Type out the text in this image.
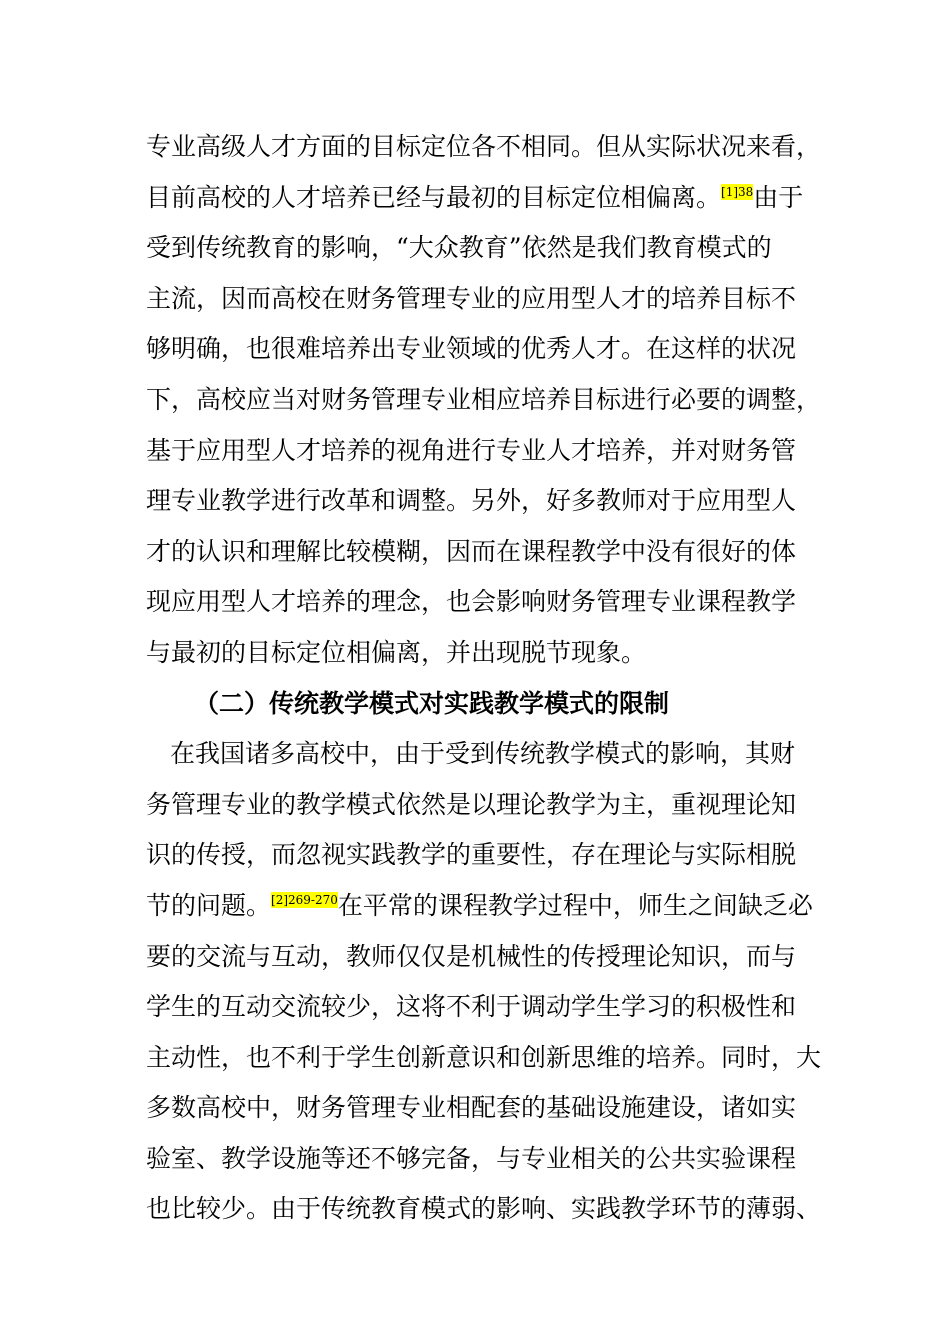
专业高级人才方面的目标定位各不相同。但从实际状况来看，
目前高校的人才培养已经与最初的目标定位相偏离。$^{[1]38}$由于
受到传统教育的影响，“大众教育”依然是我们教育模式的
主流，因而高校在财务管理专业的应用型人才的培养目标不
够明确，也很难培养出专业领域的优秀人才。在这样的状况
下，高校应当对财务管理专业相应培养目标进行必要的调整，
基于应用型人才培养的视角进行专业人才培养，并对财务管
理专业教学进行改革和调整。另外，好多教师对于应用型人
才的认识和理解比较模糊，因而在课程教学中没有很好的体
现应用型人才培养的理念，也会影响财务管理专业课程教学
与最初的目标定位相偏离，并出现脱节现象。
（二）传统教学模式对实践教学模式的限制
在我国诸多高校中，由于受到传统教学模式的影响，其财
务管理专业的教学模式依然是以理论教学为主，重视理论知
识的传授，而忽视实践教学的重要性，存在理论与实际相脱
节的问题。$^{[2]269-270}$在平常的课程教学过程中，师生之间缺乏必
要的交流与互动，教师仅仅是机械性的传授理论知识，而与
学生的互动交流较少，这将不利于调动学生学习的积极性和
主动性，也不利于学生创新意识和创新思维的培养。同时，大
多数高校中，财务管理专业相配套的基础设施建设，诸如实
验室、教学设施等还不够完备，与专业相关的公共实验课程
也比较少。由于传统教育模式的影响、实践教学环节的薄弱、
